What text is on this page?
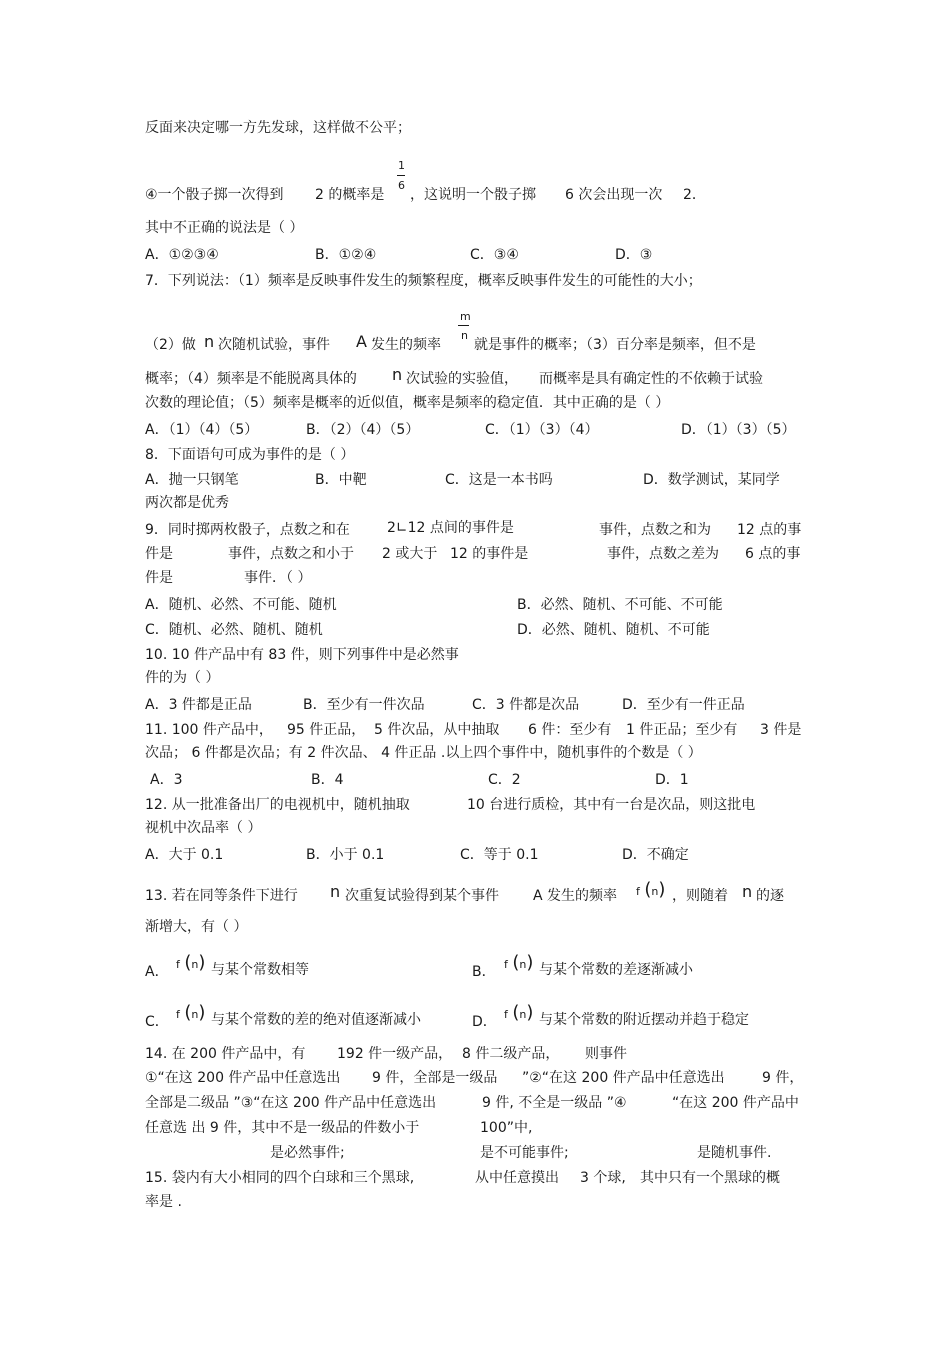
反面来决定哪一方先发球，这样做不公平；
1
6
④一个骰子掷一次得到 2 的概率是 ，这说明一个骰子掷 6 次会出现一次 2．
其中不正确的说法是（ ）
A．①②③④	B．①②④	C．③④	D．③
7．下列说法：（1）频率是反映事件发生的频繁程度，概率反映事件发生的可能性的大小；
m
n
（2）做 n 次随机试验，事件 A 发生的频率 就是事件的概率；（3）百分率是频率，但不是
概率；（4）频率是不能脱离具体的 n 次试验的实验值， 而概率是具有确定性的不依赖于试验
次数的理论值；（5）频率是概率的近似值，概率是频率的稳定值．其中正确的是（ ）
A．（1）（4）（5）	B．（2）（4）（5）	C．（1）（3）（4）	D．（1）（3）（5）
8．下面语句可成为事件的是（ ）
A．抛一只钢笔	B．中靶	C．这是一本书吗	D．数学测试，某同学
两次都是优秀
9．同时掷两枚骰子，点数之和在	2∟12 点间的事件是	事件，点数之和为 12 点的事
件是	事件，点数之和小于 2 或大于 12 的事件是	事件，点数之差为 6 点的事
件是	事件．（ ）
A．随机、必然、不可能、随机	B．必然、随机、不可能、不可能
C．随机、必然、随机、随机	D．必然、随机、随机、不可能
10. 10 件产品中有 83 件，则下列事件中是必然事
件的为（ ）
A．3 件都是正品	B．至少有一件次品	C．3 件都是次品	D．至少有一件正品
11. 100 件产品中， 95 件正品， 5 件次品，从中抽取 6 件：至少有 1 件正品；至少有 3 件是
次品； 6 件都是次品；有 2 件次品、 4 件正品 .以上四个事件中，随机事件的个数是（ ）
A．3	B．4	C．2	D．1
12. 从一批准备出厂的电视机中，随机抽取	10 台进行质检，其中有一台是次品，则这批电
视机中次品率（ ）
A．大于 0.1	B．小于 0.1	C．等于 0.1	D．不确定
13. 若在同等条件下进行 n 次重复试验得到某个事件 A 发生的频率 f (n) ，则随着 n 的逐
渐增大，有（ ）
A． f (n) 与某个常数相等	B． f (n) 与某个常数的差逐渐减小
C． f (n) 与某个常数的差的绝对值逐渐减小	D． f (n) 与某个常数的附近摆动并趋于稳定
14. 在 200 件产品中，有 192 件一级产品， 8 件二级产品， 则事件
①“在这 200 件产品中任意选出 9 件，全部是一级品 ”②“在这 200 件产品中任意选出	9 件，
全部是二级品 ”③“在这 200 件产品中任意选出	9 件, 不全是一级品 ”④	“在这 200 件产品中
任意选 出 9 件，其中不是一级品的件数小于	100”中,
是必然事件;	是不可能事件;	是随机事件.
15. 袋内有大小相同的四个白球和三个黑球,	从中任意摸出 3 个球, 其中只有一个黑球的概
率是 .
